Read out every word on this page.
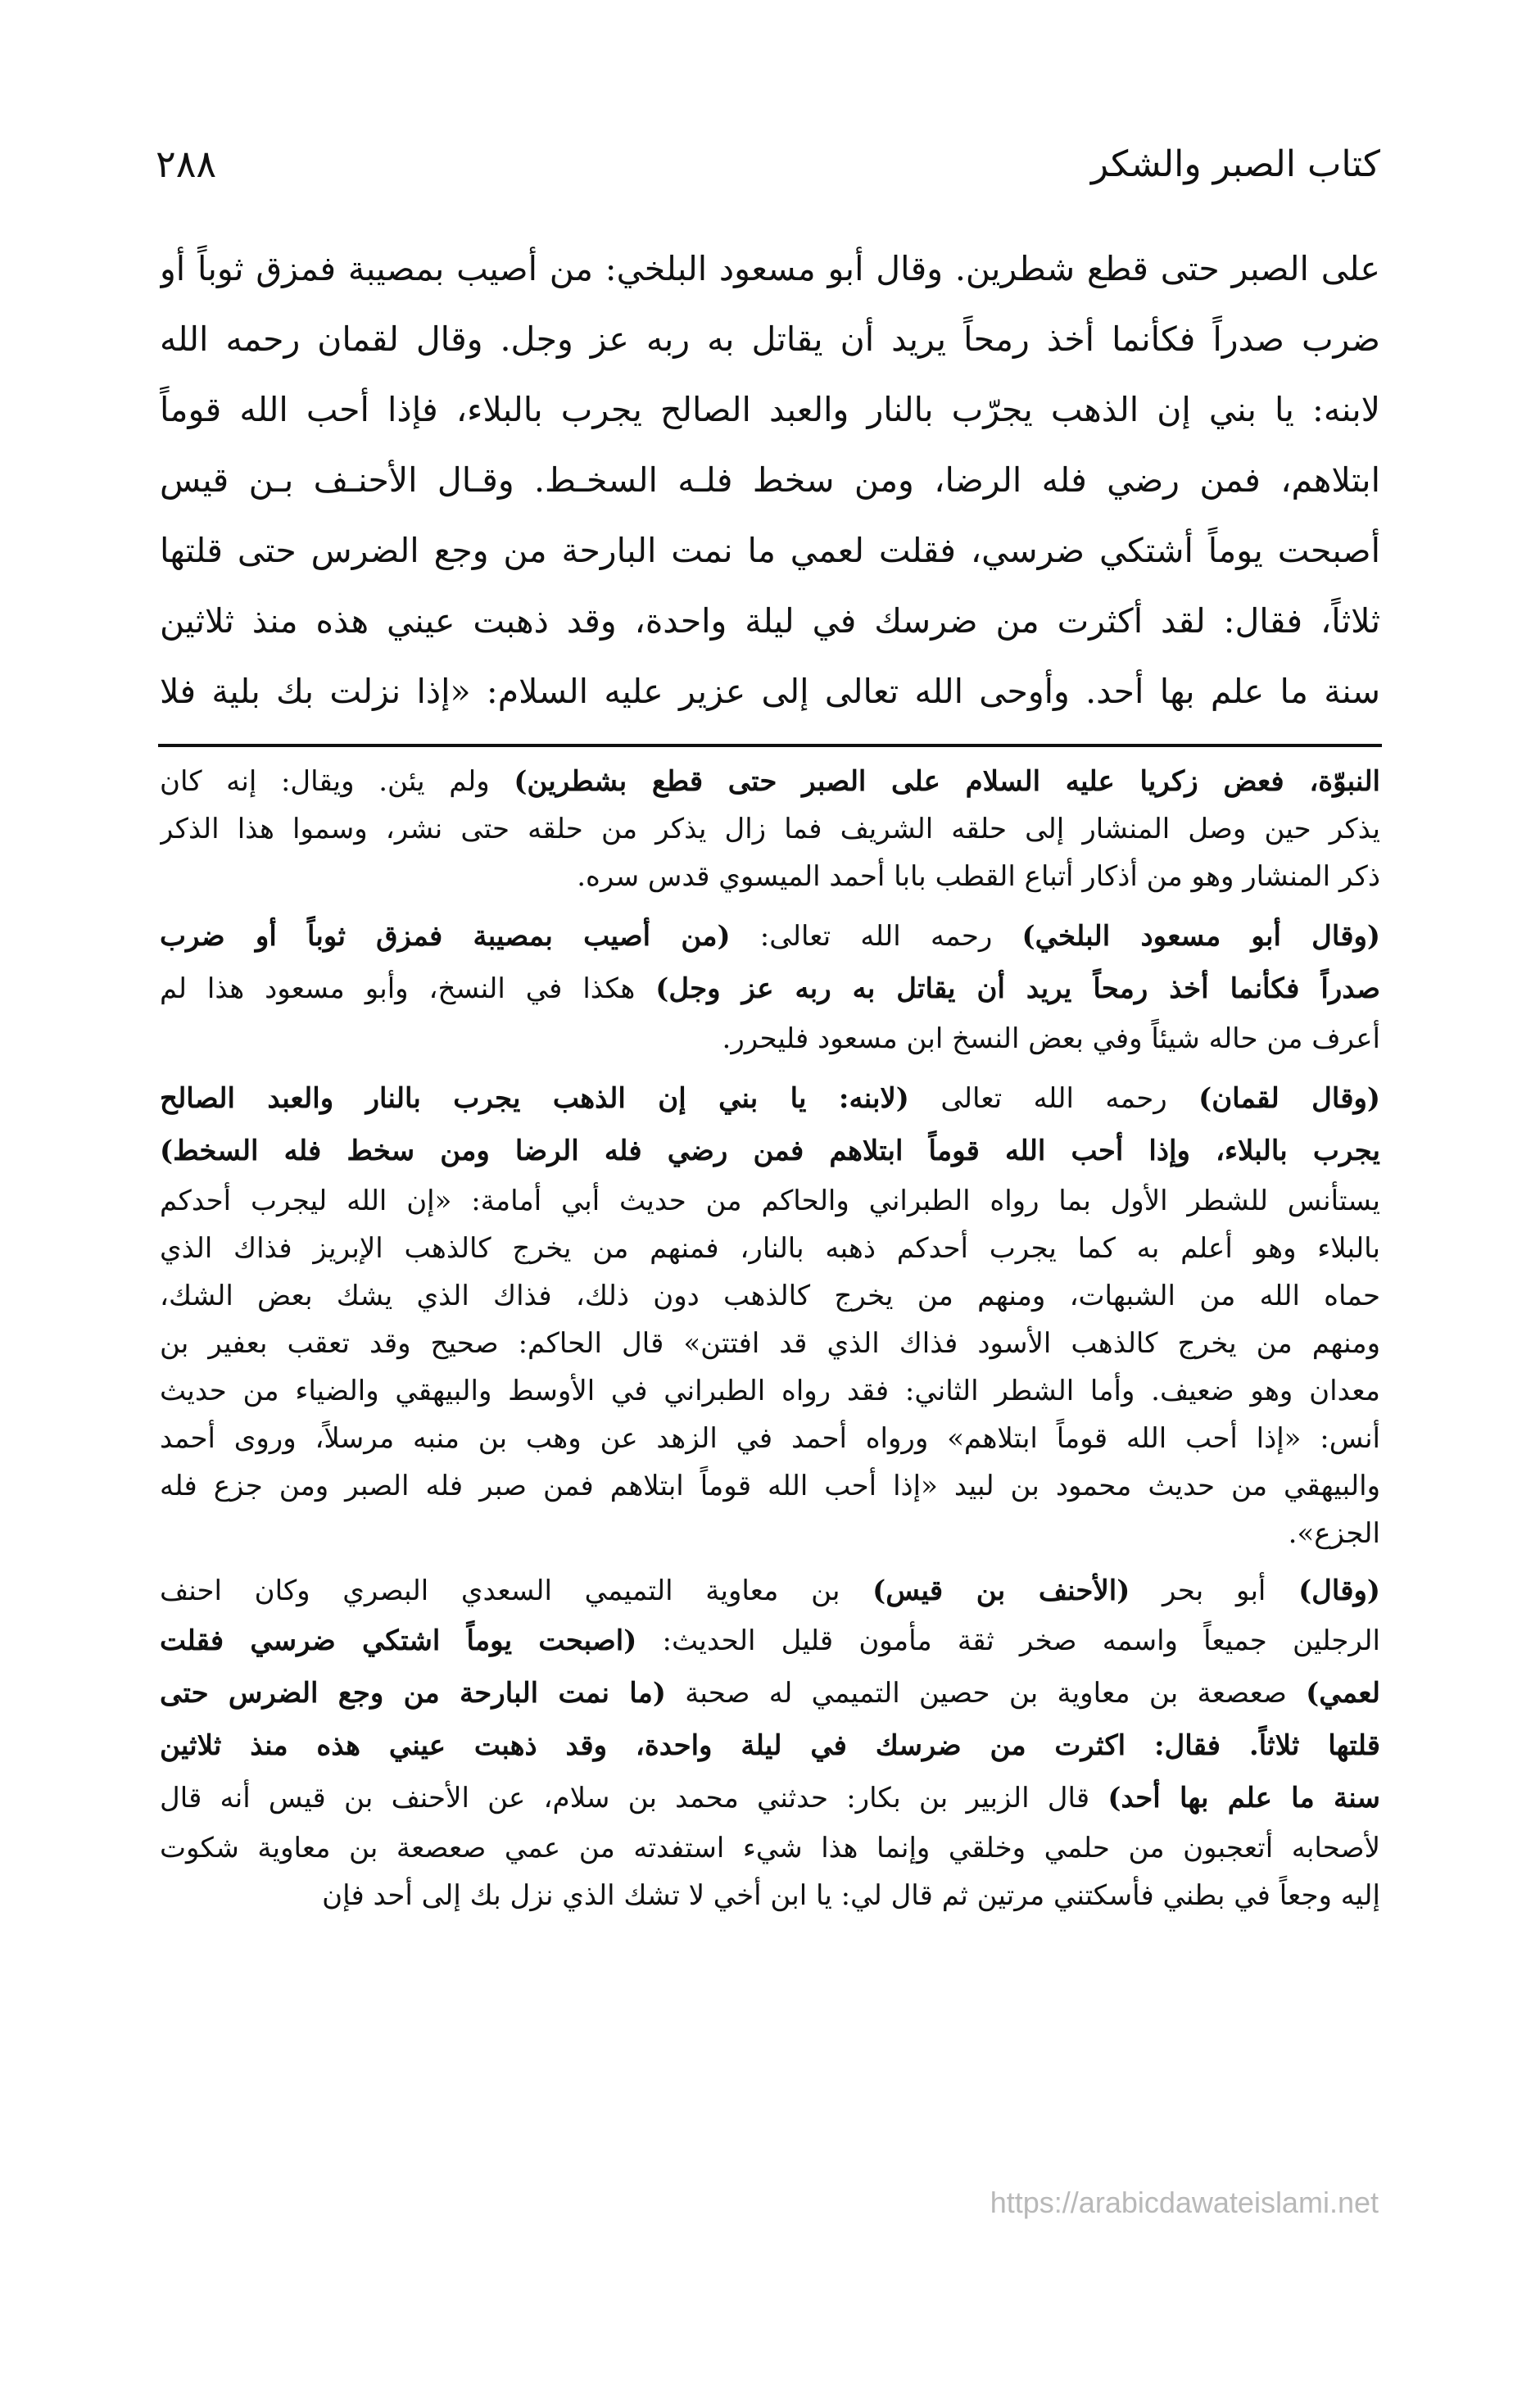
٢٨٨	كتاب الصبر والشكر
على الصبر حتى قطع شطرين. وقال أبو مسعود البلخي: من أصيب بمصيبة فمزق ثوباً أو
ضرب صدراً فكأنما أخذ رمحاً يريد أن يقاتل به ربه عز وجل. وقال لقمان رحمه الله
لابنه: يا بني إن الذهب يجرّب بالنار والعبد الصالح يجرب بالبلاء، فإذا أحب الله قوماً
ابتلاهم، فمن رضي فله الرضا، ومن سخط فلـه السخـط. وقـال الأحنـف بـن قيس
أصبحت يوماً أشتكي ضرسي، فقلت لعمي ما نمت البارحة من وجع الضرس حتى قلتها
ثلاثاً، فقال: لقد أكثرت من ضرسك في ليلة واحدة، وقد ذهبت عيني هذه منذ ثلاثين
سنة ما علم بها أحد. وأوحى الله تعالى إلى عزير عليه السلام: «إذا نزلت بك بلية فلا
النبوّة، فعض زكريا عليه السلام على الصبر حتى قطع بشطرين) ولم يئن. ويقال: إنه كان
يذكر حين وصل المنشار إلى حلقه الشريف فما زال يذكر من حلقه حتى نشر، وسموا هذا الذكر
ذكر المنشار وهو من أذكار أتباع القطب بابا أحمد الميسوي قدس سره.
(وقال أبو مسعود البلخي) رحمه الله تعالى: (من أصيب بمصيبة فمزق ثوباً أو ضرب
صدراً فكأنما أخذ رمحاً يريد أن يقاتل به ربه عز وجل) هكذا في النسخ، وأبو مسعود هذا لم
أعرف من حاله شيئاً وفي بعض النسخ ابن مسعود فليحرر.
(وقال لقمان) رحمه الله تعالى (لابنه: يا بني إن الذهب يجرب بالنار والعبد الصالح
يجرب بالبلاء، وإذا أحب الله قوماً ابتلاهم فمن رضي فله الرضا ومن سخط فله السخط)
يستأنس للشطر الأول بما رواه الطبراني والحاكم من حديث أبي أمامة: «إن الله ليجرب أحدكم
بالبلاء وهو أعلم به كما يجرب أحدكم ذهبه بالنار، فمنهم من يخرج كالذهب الإبريز فذاك الذي
حماه الله من الشبهات، ومنهم من يخرج كالذهب دون ذلك، فذاك الذي يشك بعض الشك،
ومنهم من يخرج كالذهب الأسود فذاك الذي قد افتتن» قال الحاكم: صحيح وقد تعقب بعفير بن
معدان وهو ضعيف. وأما الشطر الثاني: فقد رواه الطبراني في الأوسط والبيهقي والضياء من حديث
أنس: «إذا أحب الله قوماً ابتلاهم» ورواه أحمد في الزهد عن وهب بن منبه مرسلاً، وروى أحمد
والبيهقي من حديث محمود بن لبيد «إذا أحب الله قوماً ابتلاهم فمن صبر فله الصبر ومن جزع فله
الجزع».
(وقال) أبو بحر (الأحنف بن قيس) بن معاوية التميمي السعدي البصري وكان احنف
الرجلين جميعاً واسمه صخر ثقة مأمون قليل الحديث: (اصبحت يوماً اشتكي ضرسي فقلت
لعمي) صعصعة بن معاوية بن حصين التميمي له صحبة (ما نمت البارحة من وجع الضرس حتى
قلتها ثلاثاً. فقال: اكثرت من ضرسك في ليلة واحدة، وقد ذهبت عيني هذه منذ ثلاثين
سنة ما علم بها أحد) قال الزبير بن بكار: حدثني محمد بن سلام، عن الأحنف بن قيس أنه قال
لأصحابه أتعجبون من حلمي وخلقي وإنما هذا شيء استفدته من عمي صعصعة بن معاوية شكوت
إليه وجعاً في بطني فأسكتني مرتين ثم قال لي: يا ابن أخي لا تشك الذي نزل بك إلى أحد فإن
https://arabicdawateislami.net
